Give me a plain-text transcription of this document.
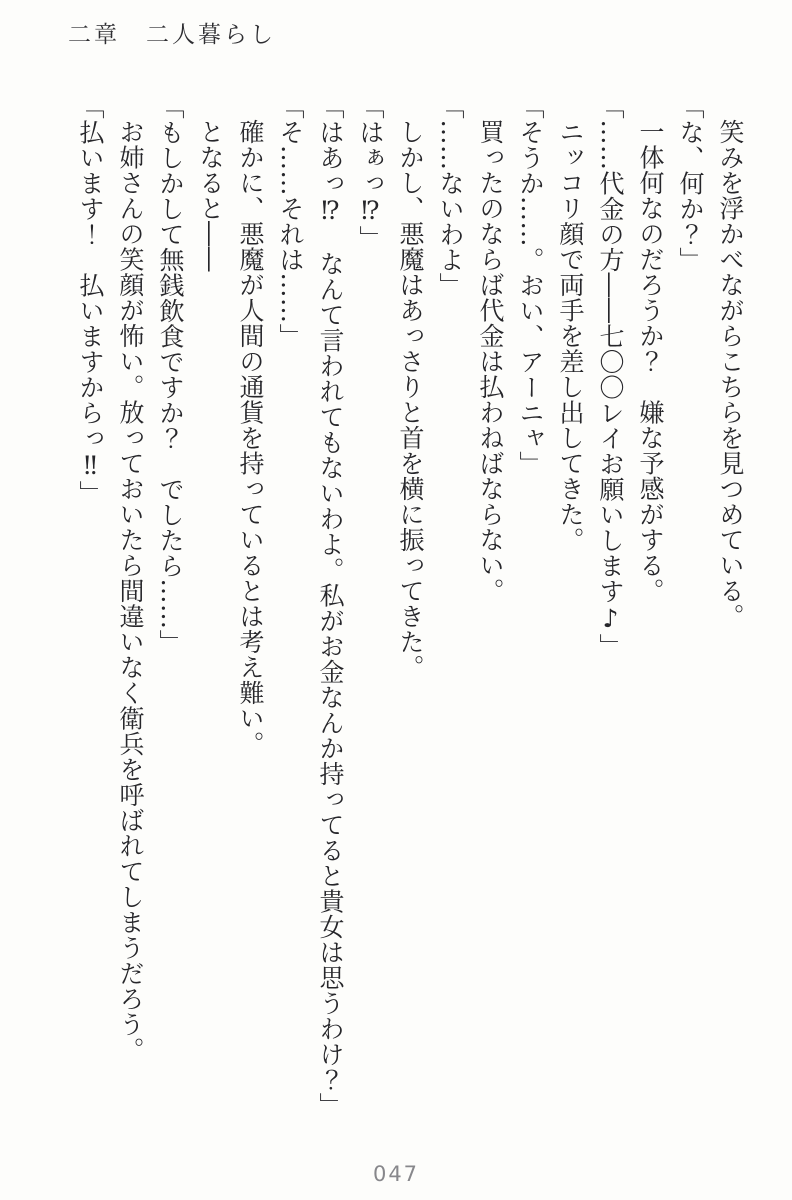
二章　二人暮らし

笑みを浮かべながらこちらを見つめている。

「な、何か？」

一体何なのだろうか？　嫌な予感がする。

「……代金の方――七〇〇レイお願いします♪」

ニッコリ顔で両手を差し出してきた。

「そうか……。おい、アーニャ」

買ったのならば代金は払わねばならない。

「……ないわよ」

しかし、悪魔はあっさりと首を横に振ってきた。

「はぁっ⁉」

「はあっ⁉　なんて言われてもないわよ。私がお金なんか持ってると貴女は思うわけ？」

「そ……それは……」

確かに、悪魔が人間の通貨を持っているとは考え難い。

となると――

「もしかして無銭飲食ですか？　でしたら……」

お姉さんの笑顔が怖い。放っておいたら間違いなく衛兵を呼ばれてしまうだろう。

「払います！　払いますからっ‼」

047
